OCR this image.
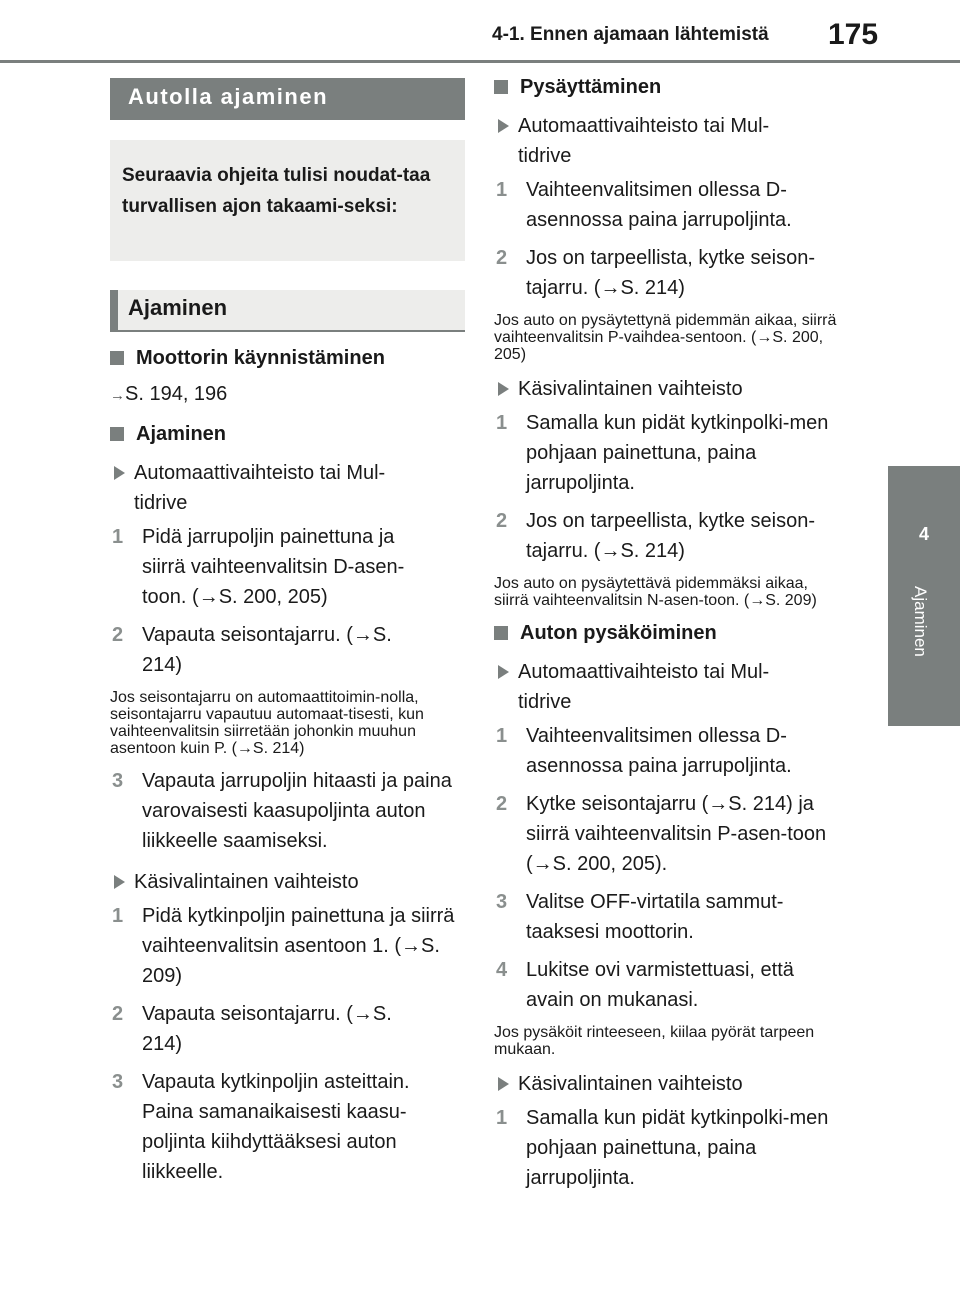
4-1. Ennen ajamaan lähtemistä 175
4
Ajaminen
Autolla ajaminen
Seuraavia ohjeita tulisi noudat-taa turvallisen ajon takaami-seksi:
Ajaminen
Moottorin käynnistäminen
→S. 194, 196
Ajaminen
Automaattivaihteisto tai Mul-tidrive
1 Pidä jarrupoljin painettuna ja siirrä vaihteenvalitsin D-asen-toon. (→S. 200, 205)
2 Vapauta seisontajarru. (→S. 214)
Jos seisontajarru on automaattitoimin-nolla, seisontajarru vapautuu automaat-tisesti, kun vaihteenvalitsin siirretään johonkin muuhun asentoon kuin P. (→S. 214)
3 Vapauta jarrupoljin hitaasti ja paina varovaisesti kaasupoljinta auton liikkeelle saamiseksi.
Käsivalintainen vaihteisto
1 Pidä kytkinpoljin painettuna ja siirrä vaihteenvalitsin asentoon 1. (→S. 209)
2 Vapauta seisontajarru. (→S. 214)
3 Vapauta kytkinpoljin asteittain. Paina samanaikaisesti kaasu-poljinta kiihdyttääksesi auton liikkeelle.
Pysäyttäminen
Automaattivaihteisto tai Mul-tidrive
1 Vaihteenvalitsimen ollessa D-asennossa paina jarrupoljinta.
2 Jos on tarpeellista, kytke seison-tajarru. (→S. 214)
Jos auto on pysäytettynä pidemmän aikaa, siirrä vaihteenvalitsin P-vaihdea-sentoon. (→S. 200, 205)
Käsivalintainen vaihteisto
1 Samalla kun pidät kytkinpolki-men pohjaan painettuna, paina jarrupoljinta.
2 Jos on tarpeellista, kytke seison-tajarru. (→S. 214)
Jos auto on pysäytettävä pidemmäksi aikaa, siirrä vaihteenvalitsin N-asen-toon. (→S. 209)
Auton pysäköiminen
Automaattivaihteisto tai Mul-tidrive
1 Vaihteenvalitsimen ollessa D-asennossa paina jarrupoljinta.
2 Kytke seisontajarru (→S. 214) ja siirrä vaihteenvalitsin P-asen-toon (→S. 200, 205).
3 Valitse OFF-virtatila sammut-taaksesi moottorin.
4 Lukitse ovi varmistettuasi, että avain on mukanasi.
Jos pysäköit rinteeseen, kiilaa pyörät tarpeen mukaan.
Käsivalintainen vaihteisto
1 Samalla kun pidät kytkinpolki-men pohjaan painettuna, paina jarrupoljinta.
